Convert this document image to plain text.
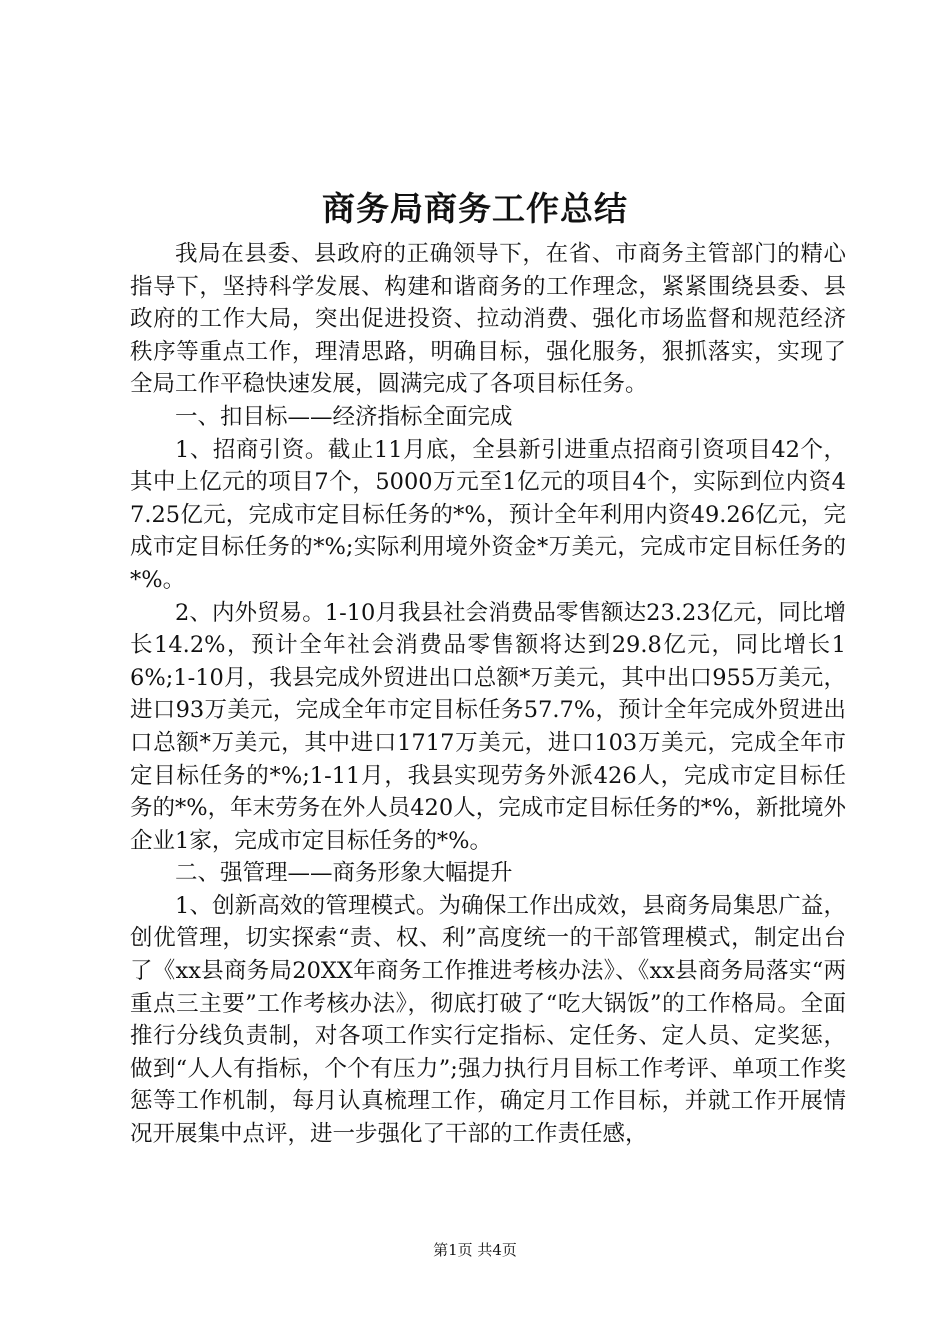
商务局商务工作总结

我局在县委、县政府的正确领导下，在省、市商务主管部门的精心指导下，坚持科学发展、构建和谐商务的工作理念，紧紧围绕县委、县政府的工作大局，突出促进投资、拉动消费、强化市场监督和规范经济秩序等重点工作，理清思路，明确目标，强化服务，狠抓落实，实现了全局工作平稳快速发展，圆满完成了各项目标任务。

一、扣目标——经济指标全面完成

1、招商引资。截止11月底，全县新引进重点招商引资项目42个，其中上亿元的项目7个，5000万元至1亿元的项目4个，实际到位内资47.25亿元，完成市定目标任务的*%，预计全年利用内资49.26亿元，完成市定目标任务的*%;实际利用境外资金*万美元，完成市定目标任务的*%。

2、内外贸易。1-10月我县社会消费品零售额达23.23亿元，同比增长14.2%，预计全年社会消费品零售额将达到29.8亿元，同比增长16%;1-10月，我县完成外贸进出口总额*万美元，其中出口955万美元，进口93万美元，完成全年市定目标任务57.7%，预计全年完成外贸进出口总额*万美元，其中进口1717万美元，进口103万美元，完成全年市定目标任务的*%;1-11月，我县实现劳务外派426人，完成市定目标任务的*%，年末劳务在外人员420人，完成市定目标任务的*%，新批境外企业1家，完成市定目标任务的*%。

二、强管理——商务形象大幅提升

1、创新高效的管理模式。为确保工作出成效，县商务局集思广益，创优管理，切实探索“责、权、利”高度统一的干部管理模式，制定出台了《xx县商务局20XX年商务工作推进考核办法》、《xx县商务局落实“两重点三主要”工作考核办法》，彻底打破了“吃大锅饭”的工作格局。全面推行分线负责制，对各项工作实行定指标、定任务、定人员、定奖惩，做到“人人有指标，个个有压力”;强力执行月目标工作考评、单项工作奖惩等工作机制，每月认真梳理工作，确定月工作目标，并就工作开展情况开展集中点评，进一步强化了干部的工作责任感，

第1页 共4页
